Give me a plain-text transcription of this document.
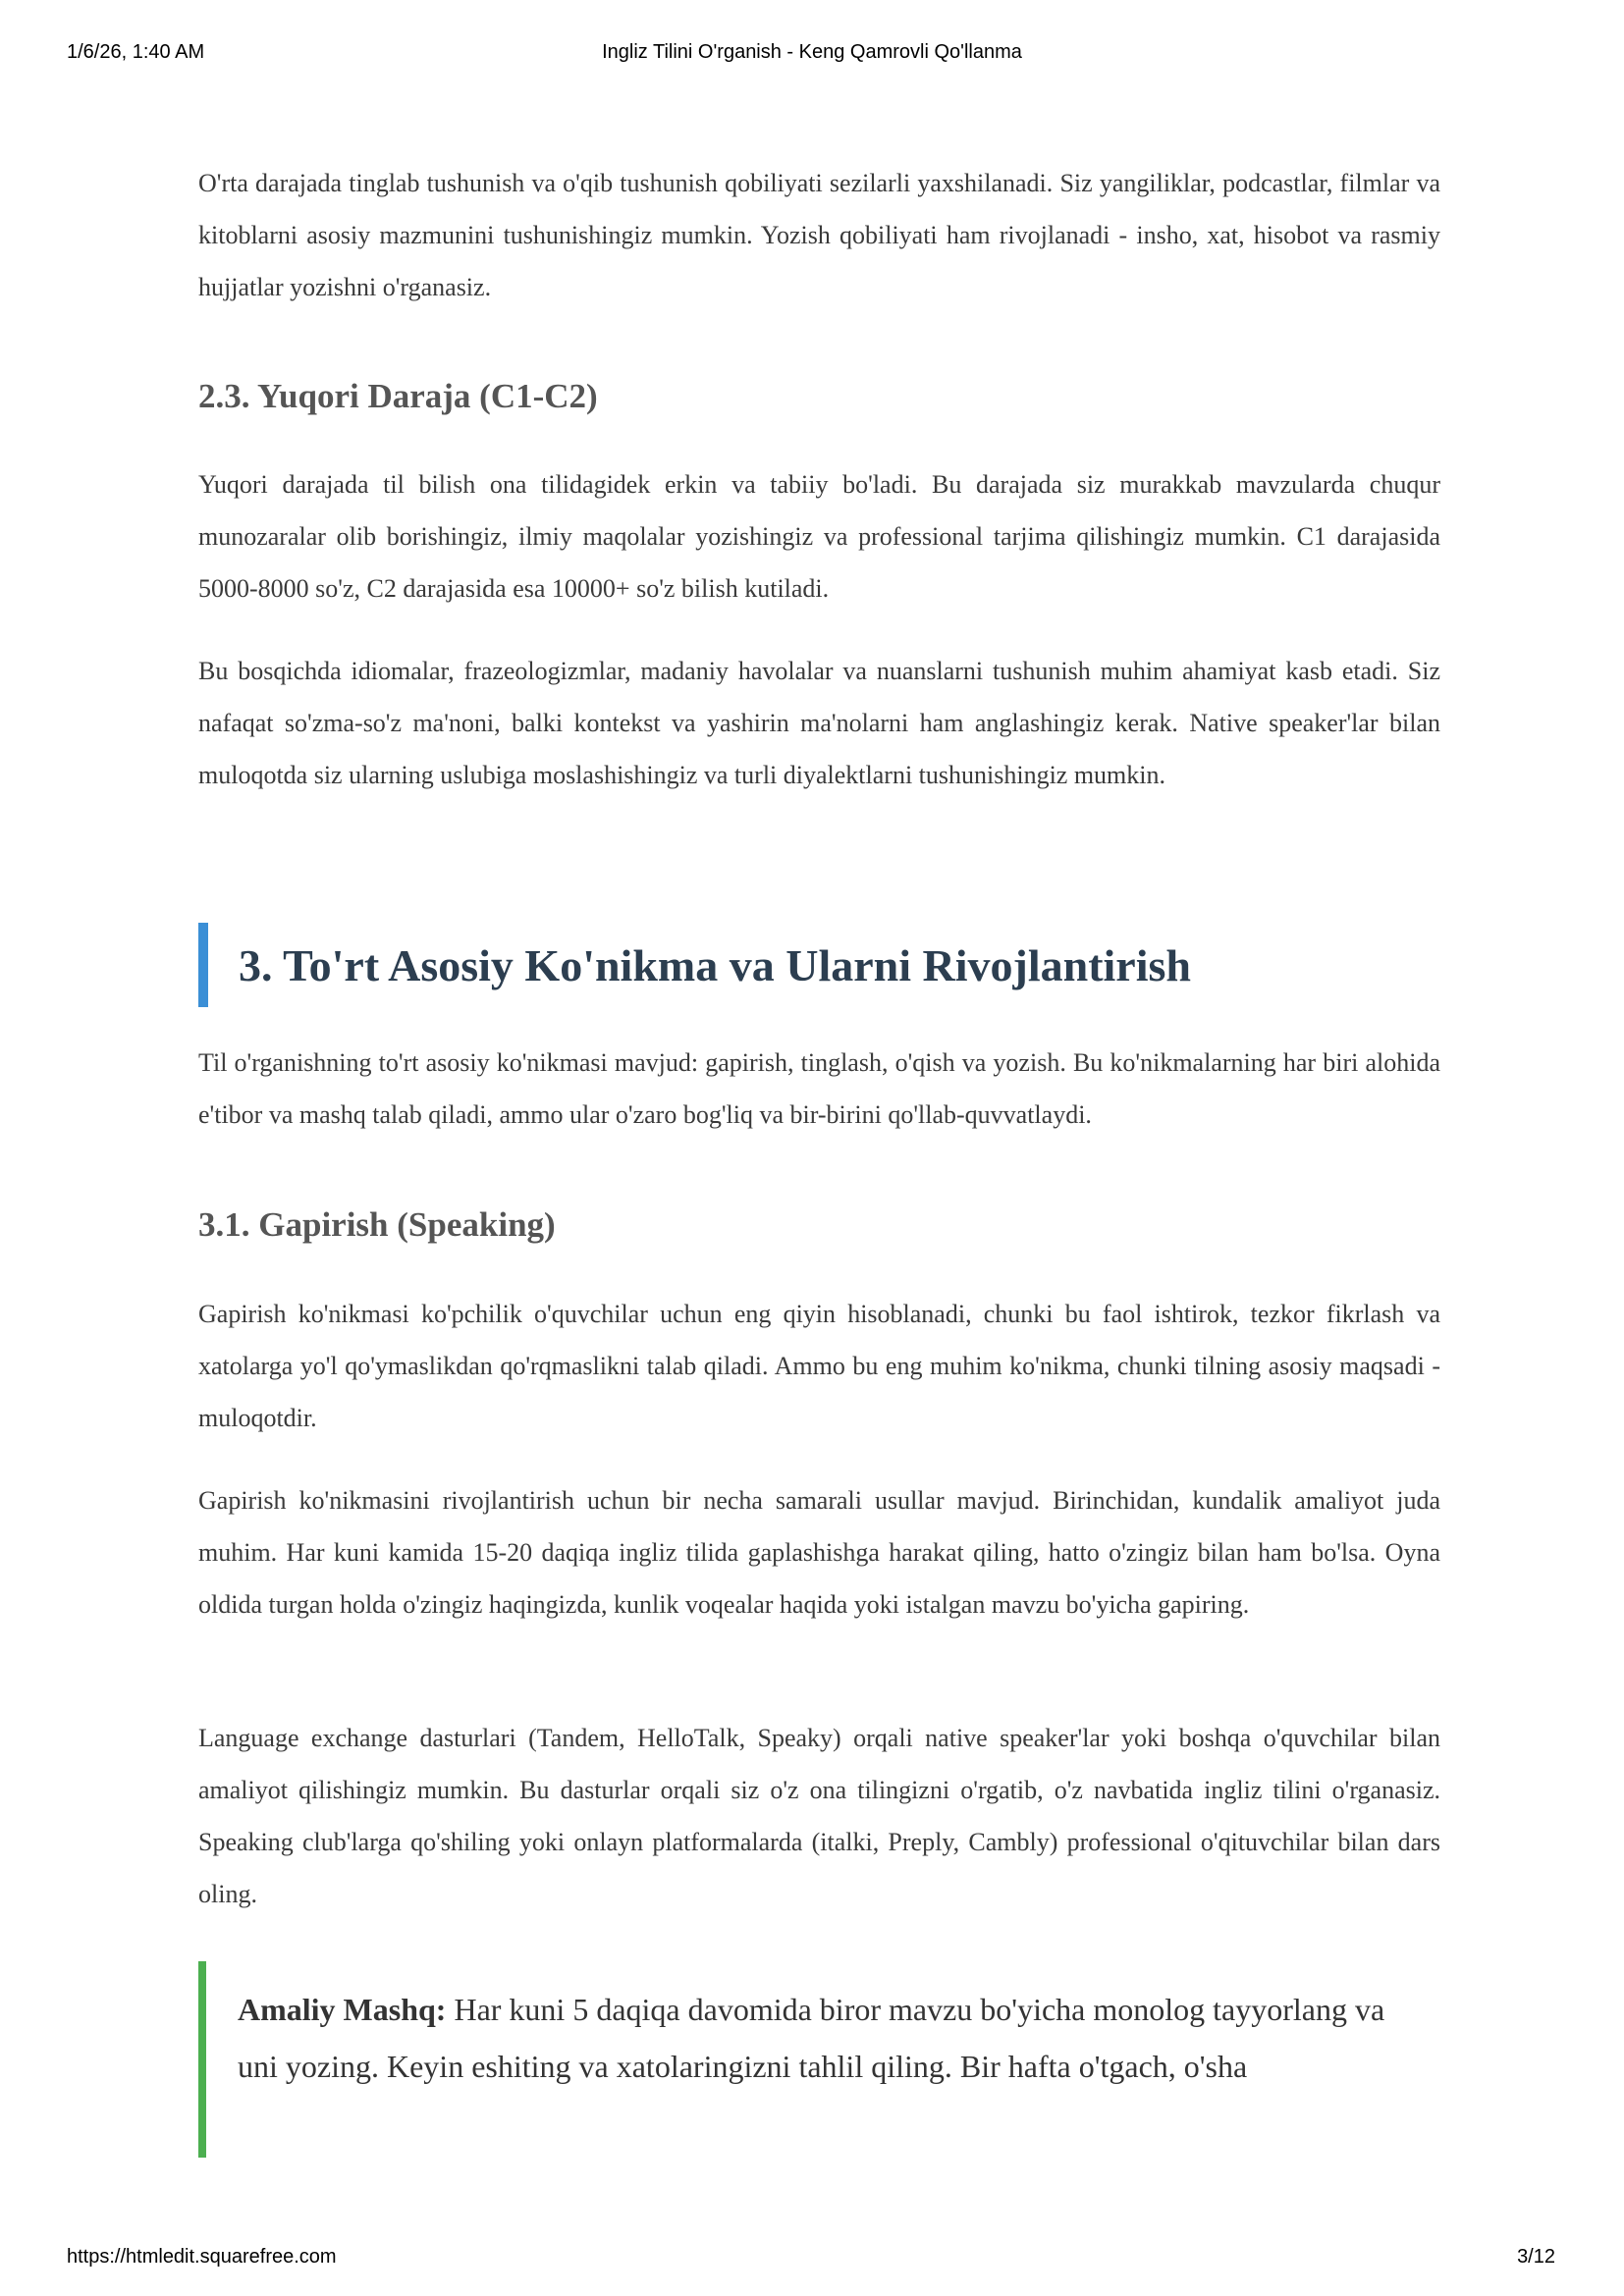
1/6/26, 1:40 AM	Ingliz Tilini O'rganish - Keng Qamrovli Qo'llanma

O'rta darajada tinglab tushunish va o'qib tushunish qobiliyati sezilarli yaxshilanadi. Siz yangiliklar, podcastlar, filmlar va kitoblarni asosiy mazmunini tushunishingiz mumkin. Yozish qobiliyati ham rivojlanadi - insho, xat, hisobot va rasmiy hujjatlar yozishni o'rganasiz.

2.3. Yuqori Daraja (C1-C2)

Yuqori darajada til bilish ona tilidagidek erkin va tabiiy bo'ladi. Bu darajada siz murakkab mavzularda chuqur munozaralar olib borishingiz, ilmiy maqolalar yozishingiz va professional tarjima qilishingiz mumkin. C1 darajasida 5000-8000 so'z, C2 darajasida esa 10000+ so'z bilish kutiladi.

Bu bosqichda idiomalar, frazeologizmlar, madaniy havolalar va nuanslarni tushunish muhim ahamiyat kasb etadi. Siz nafaqat so'zma-so'z ma'noni, balki kontekst va yashirin ma'nolarni ham anglashingiz kerak. Native speaker'lar bilan muloqotda siz ularning uslubiga moslashishingiz va turli diyalektlarni tushunishingiz mumkin.

3. To'rt Asosiy Ko'nikma va Ularni Rivojlantirish

Til o'rganishning to'rt asosiy ko'nikmasi mavjud: gapirish, tinglash, o'qish va yozish. Bu ko'nikmalarning har biri alohida e'tibor va mashq talab qiladi, ammo ular o'zaro bog'liq va bir-birini qo'llab-quvvatlaydi.

3.1. Gapirish (Speaking)

Gapirish ko'nikmasi ko'pchilik o'quvchilar uchun eng qiyin hisoblanadi, chunki bu faol ishtirok, tezkor fikrlash va xatolarga yo'l qo'ymaslikdan qo'rqmaslikni talab qiladi. Ammo bu eng muhim ko'nikma, chunki tilning asosiy maqsadi - muloqotdir.

Gapirish ko'nikmasini rivojlantirish uchun bir necha samarali usullar mavjud. Birinchidan, kundalik amaliyot juda muhim. Har kuni kamida 15-20 daqiqa ingliz tilida gaplashishga harakat qiling, hatto o'zingiz bilan ham bo'lsa. Oyna oldida turgan holda o'zingiz haqingizda, kunlik voqealar haqida yoki istalgan mavzu bo'yicha gapiring.

Language exchange dasturlari (Tandem, HelloTalk, Speaky) orqali native speaker'lar yoki boshqa o'quvchilar bilan amaliyot qilishingiz mumkin. Bu dasturlar orqali siz o'z ona tilingizni o'rgatib, o'z navbatida ingliz tilini o'rganasiz. Speaking club'larga qo'shiling yoki onlayn platformalarda (italki, Preply, Cambly) professional o'qituvchilar bilan dars oling.

Amaliy Mashq: Har kuni 5 daqiqa davomida biror mavzu bo'yicha monolog tayyorlang va uni yozing. Keyin eshiting va xatolaringizni tahlil qiling. Bir hafta o'tgach, o'sha

https://htmledit.squarefree.com	3/12
